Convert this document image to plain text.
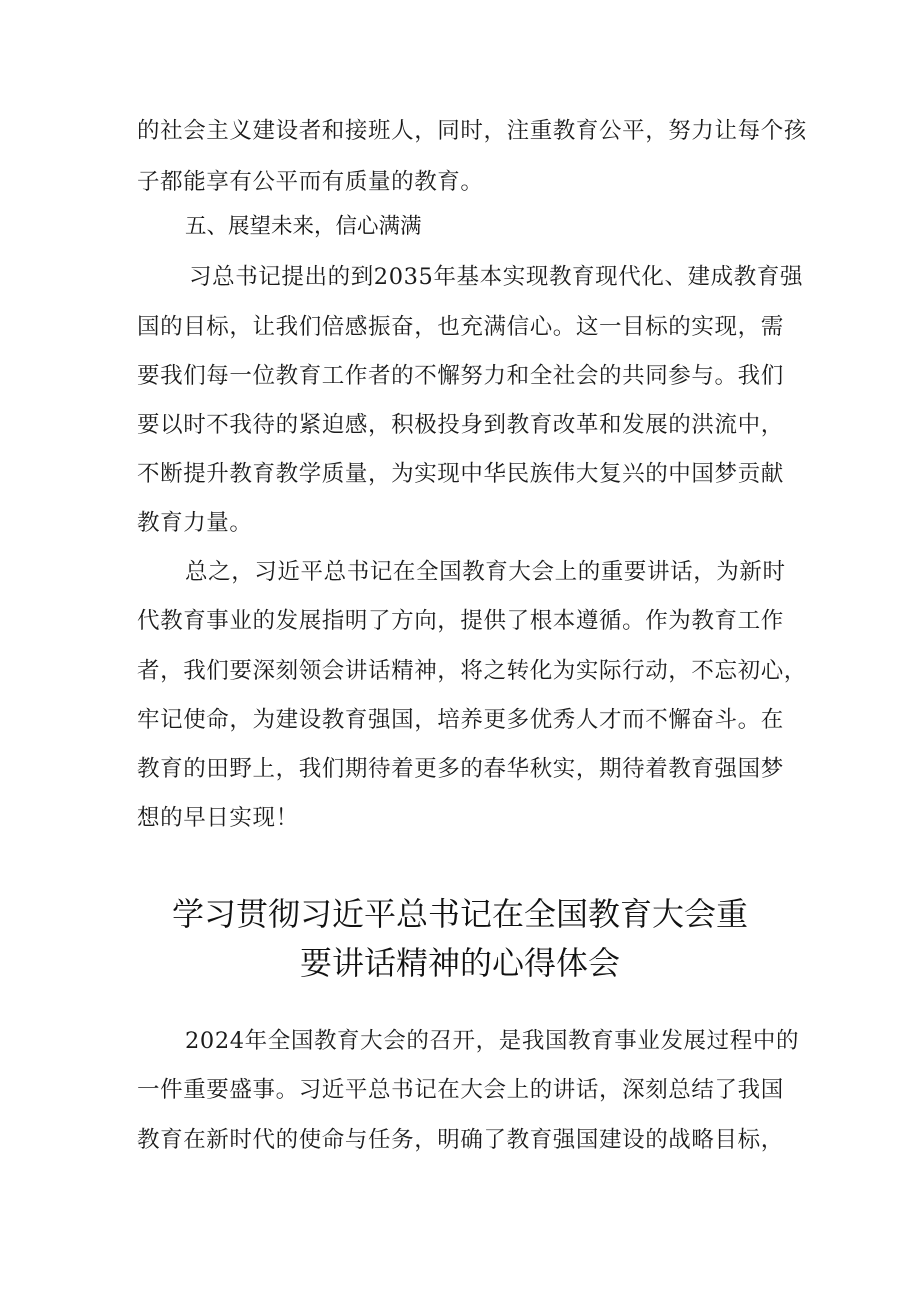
的社会主义建设者和接班人，同时，注重教育公平，努力让每个孩
子都能享有公平而有质量的教育。
五、展望未来，信心满满
习总书记提出的到2035年基本实现教育现代化、建成教育强
国的目标，让我们倍感振奋，也充满信心。这一目标的实现，需
要我们每一位教育工作者的不懈努力和全社会的共同参与。我们
要以时不我待的紧迫感，积极投身到教育改革和发展的洪流中，
不断提升教育教学质量，为实现中华民族伟大复兴的中国梦贡献
教育力量。
总之，习近平总书记在全国教育大会上的重要讲话，为新时
代教育事业的发展指明了方向，提供了根本遵循。作为教育工作
者，我们要深刻领会讲话精神，将之转化为实际行动，不忘初心，
牢记使命，为建设教育强国，培养更多优秀人才而不懈奋斗。在
教育的田野上，我们期待着更多的春华秋实，期待着教育强国梦
想的早日实现！
学习贯彻习近平总书记在全国教育大会重
要讲话精神的心得体会
2024年全国教育大会的召开，是我国教育事业发展过程中的
一件重要盛事。习近平总书记在大会上的讲话，深刻总结了我国
教育在新时代的使命与任务，明确了教育强国建设的战略目标，
